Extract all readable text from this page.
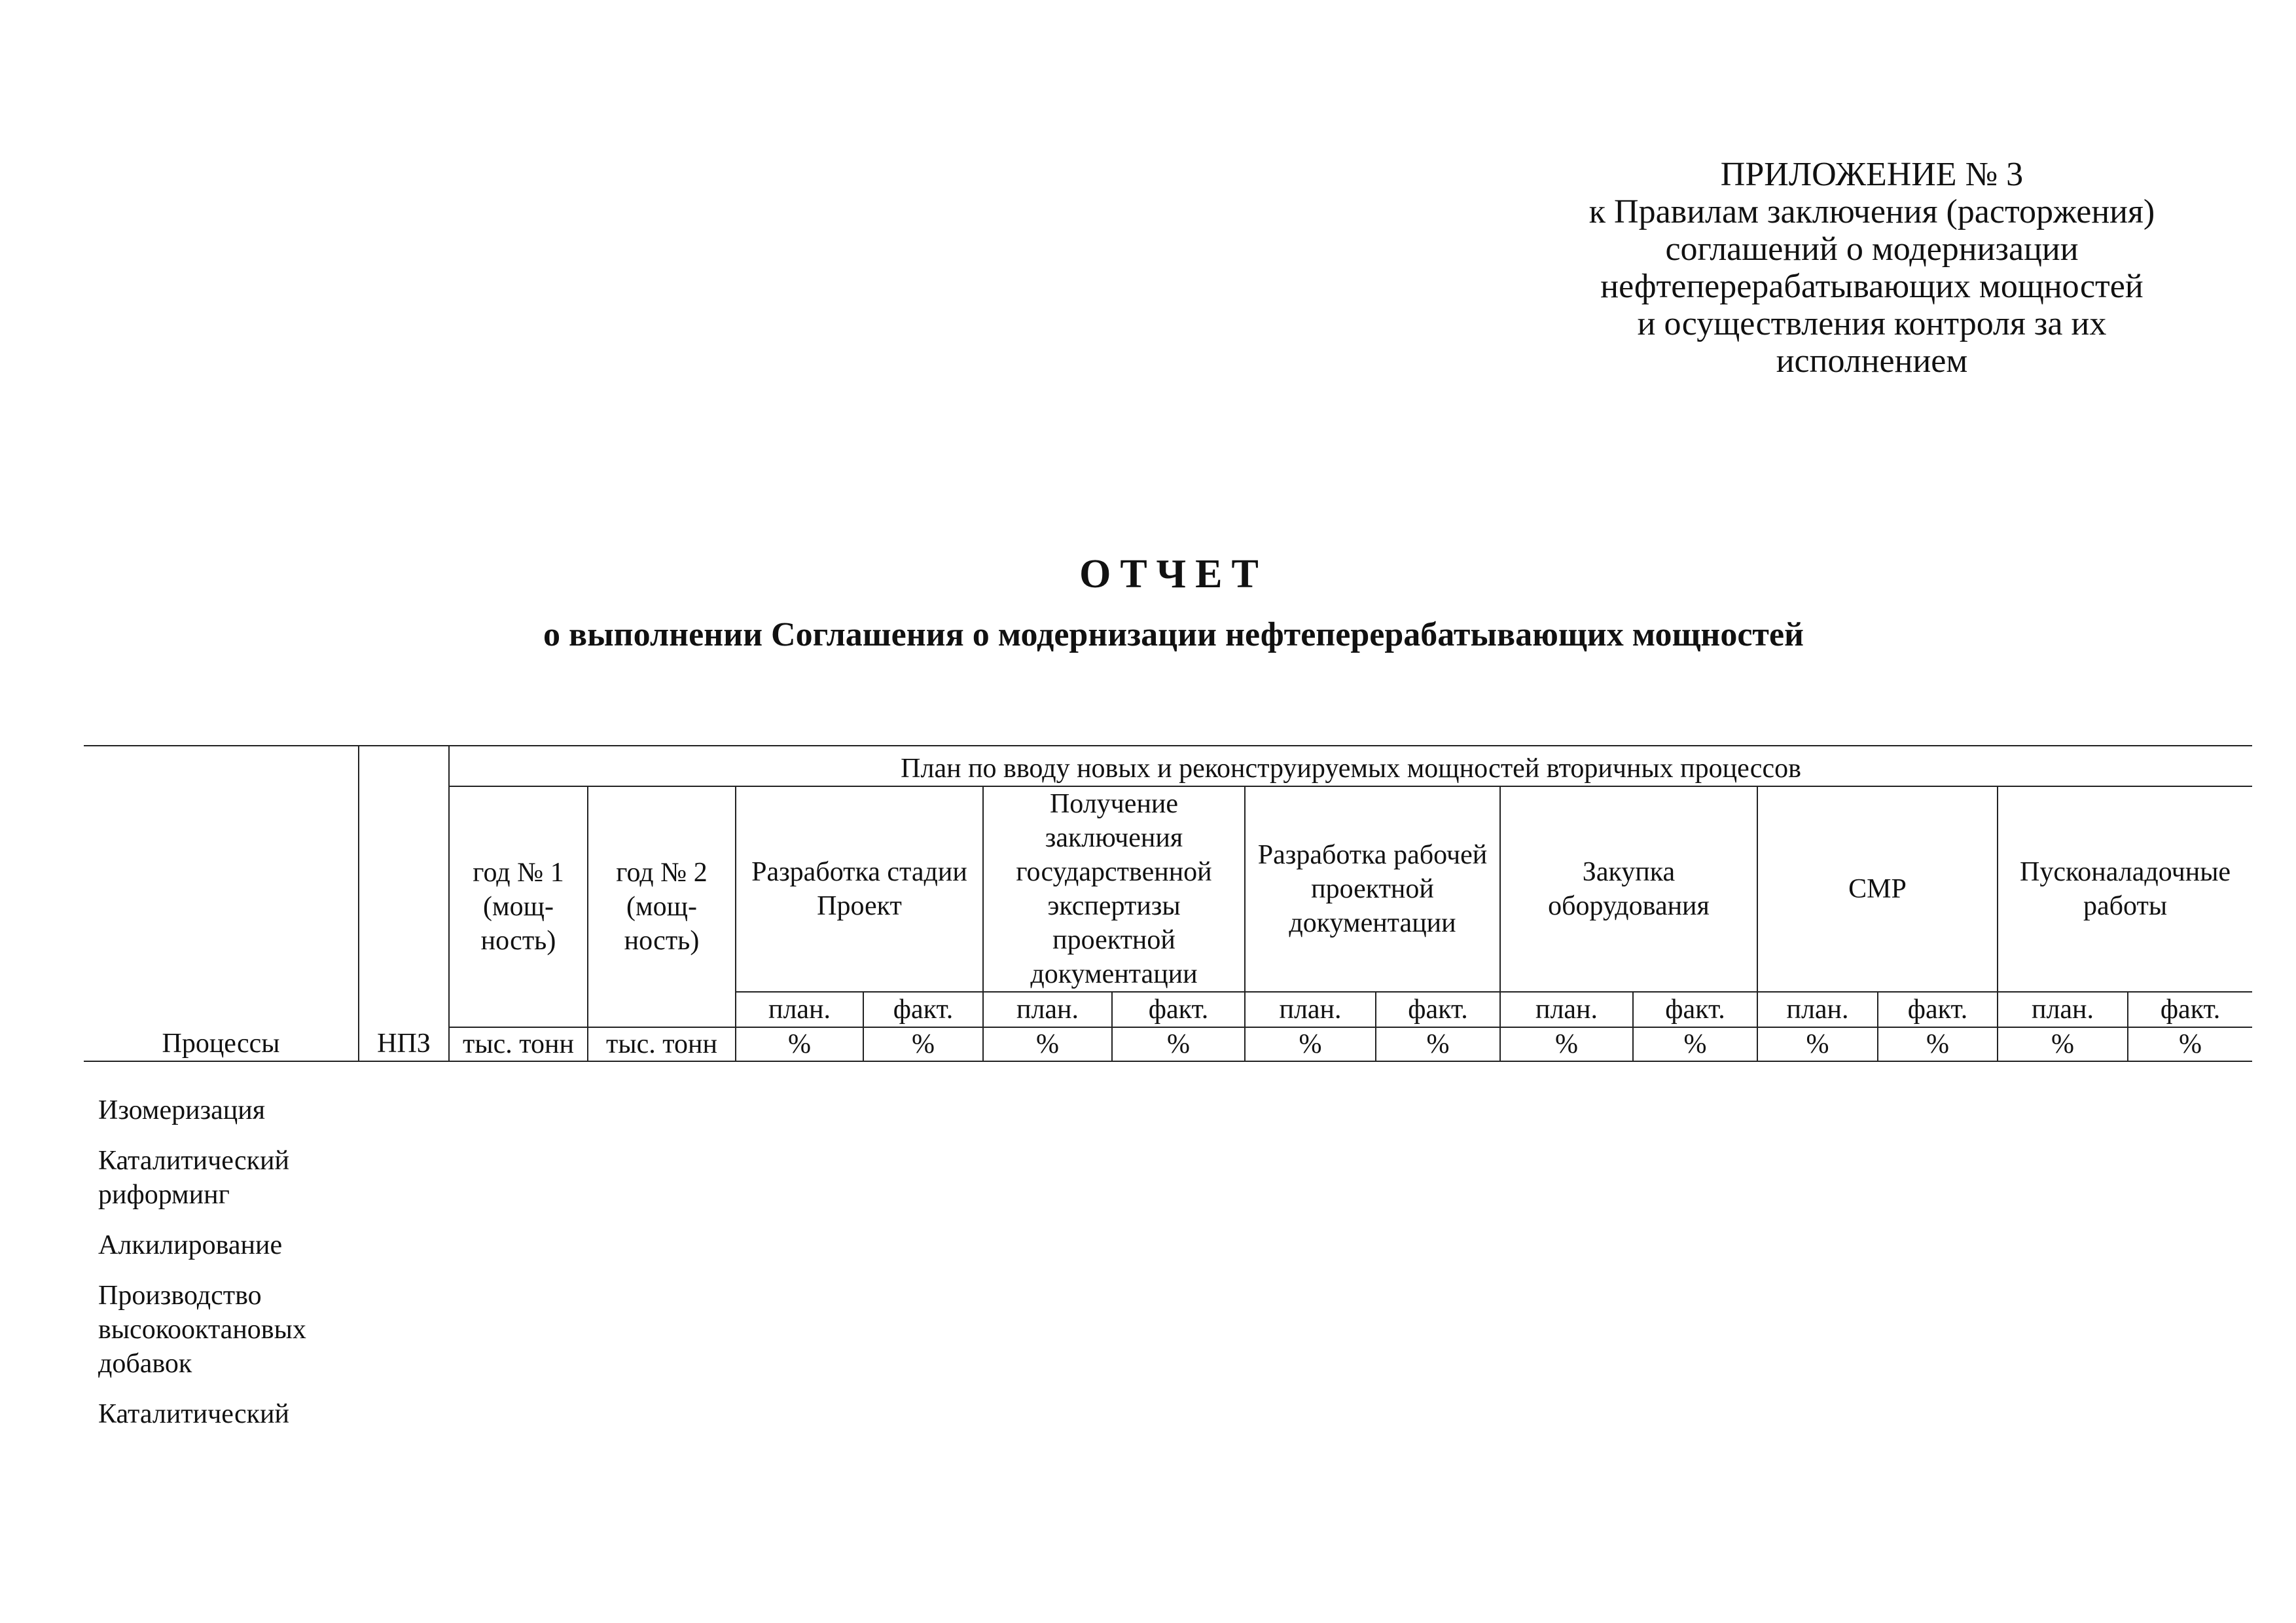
ПРИЛОЖЕНИЕ № 3
к Правилам заключения (расторжения)
соглашений о модернизации
нефтеперерабатывающих мощностей
и осуществления контроля за их
исполнением
ОТЧЕТ
о выполнении Соглашения о модернизации нефтеперерабатывающих мощностей
Процессы	НПЗ	План по вводу новых и реконструируемых мощностей вторичных процессов													
		год № 1 (мощ-ность)	год № 2 (мощ-ность)	Разработка стадии Проект		Получение заключения государственной экспертизы проектной документации		Разработка рабочей проектной документации		Закупка оборудования		СМР		Пусконаладочные работы	
				план.	факт.	план.	факт.	план.	факт.	план.	факт.	план.	факт.	план.	факт.
		тыс. тонн	тыс. тонн	%	%	%	%	%	%	%	%	%	%	%	%
Изомеризация
Каталитический риформинг
Алкилирование
Производство высокооктановых добавок
Каталитический
